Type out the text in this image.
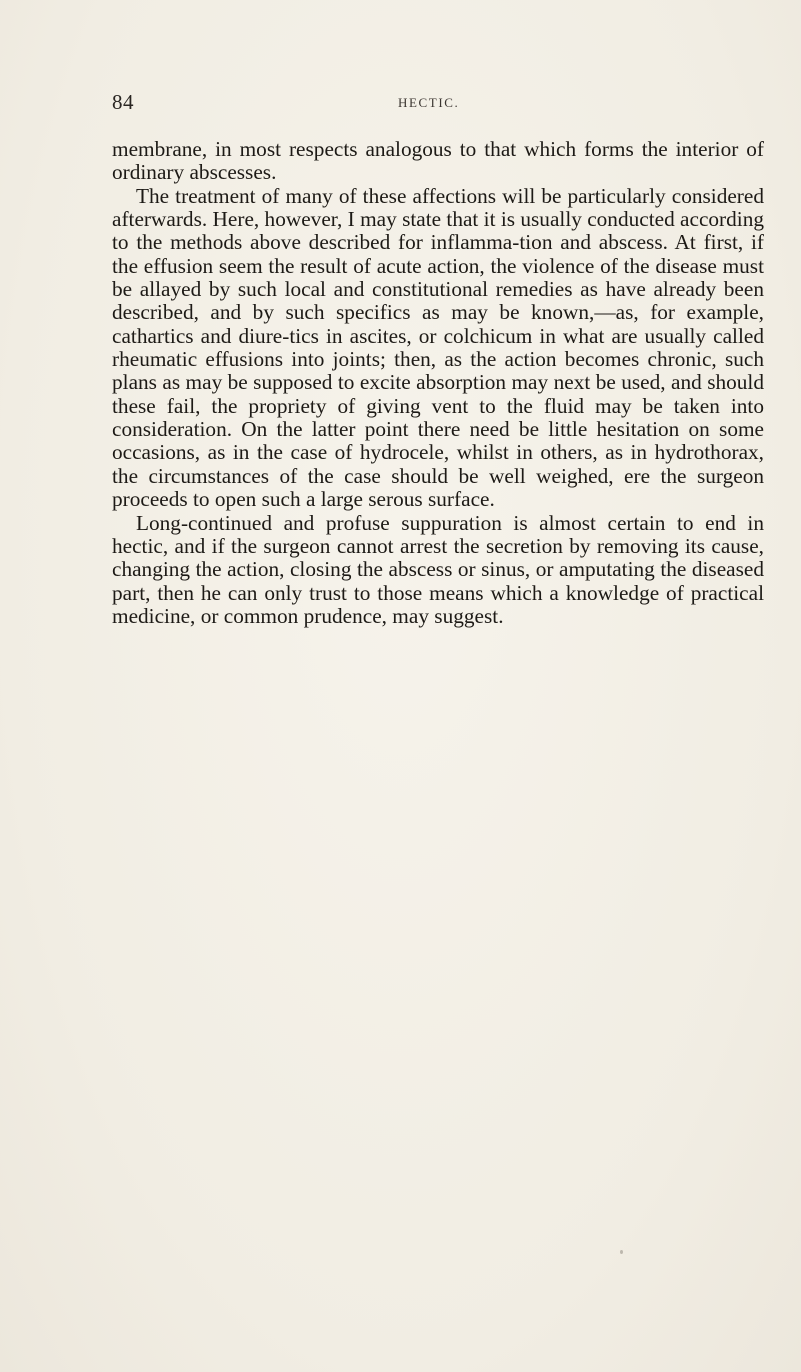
84	HECTIC.

membrane, in most respects analogous to that which forms the interior of ordinary abscesses.

The treatment of many of these affections will be particularly considered afterwards. Here, however, I may state that it is usually conducted according to the methods above described for inflamma-tion and abscess. At first, if the effusion seem the result of acute action, the violence of the disease must be allayed by such local and constitutional remedies as have already been described, and by such specifics as may be known,—as, for example, cathartics and diure-tics in ascites, or colchicum in what are usually called rheumatic effusions into joints; then, as the action becomes chronic, such plans as may be supposed to excite absorption may next be used, and should these fail, the propriety of giving vent to the fluid may be taken into consideration. On the latter point there need be little hesitation on some occasions, as in the case of hydrocele, whilst in others, as in hydrothorax, the circumstances of the case should be well weighed, ere the surgeon proceeds to open such a large serous surface.

Long-continued and profuse suppuration is almost certain to end in hectic, and if the surgeon cannot arrest the secretion by removing its cause, changing the action, closing the abscess or sinus, or amputating the diseased part, then he can only trust to those means which a knowledge of practical medicine, or common prudence, may suggest.
